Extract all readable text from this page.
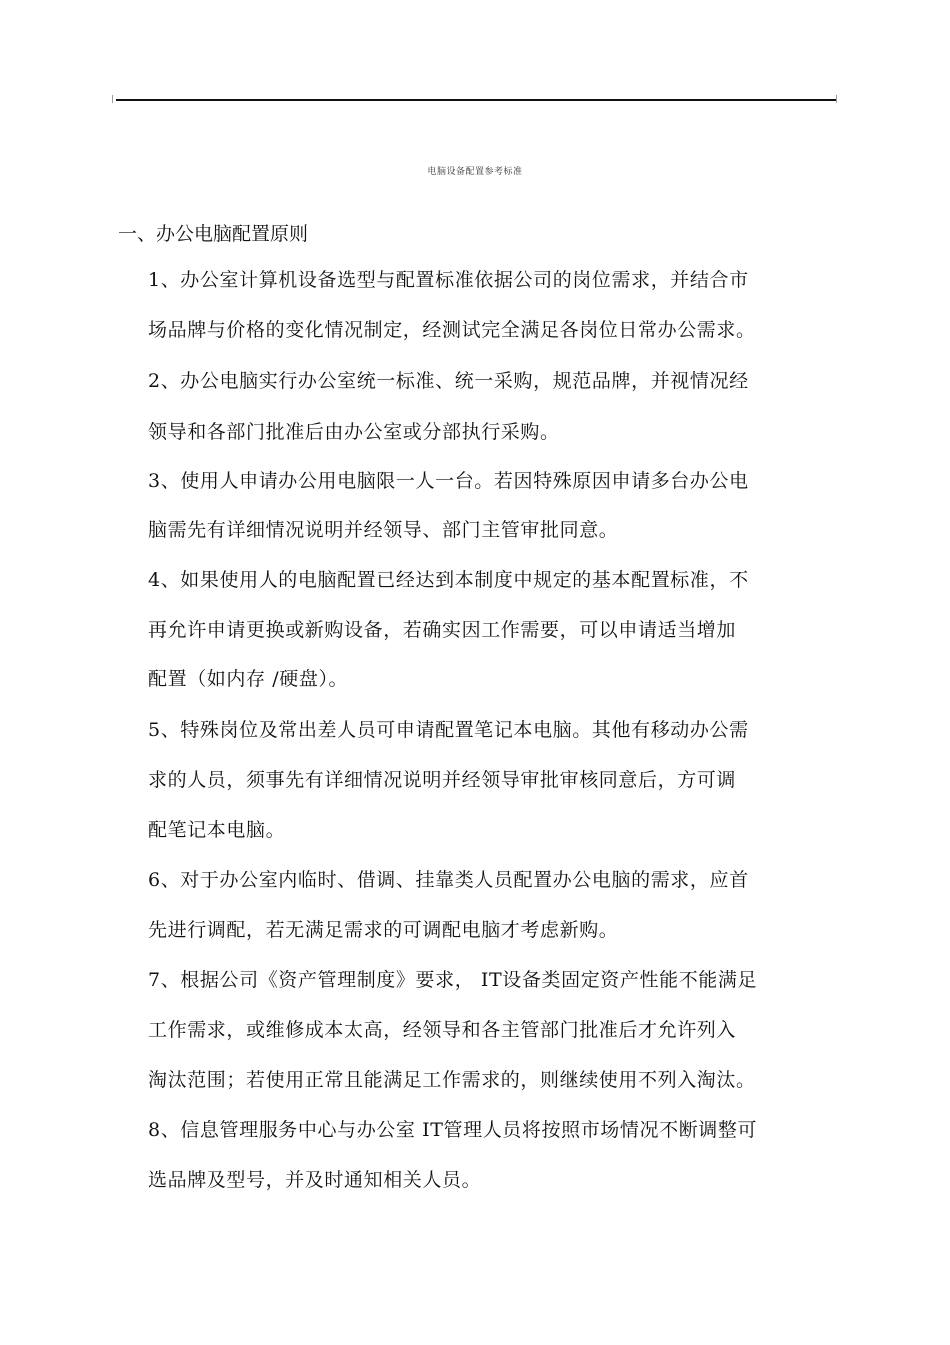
电脑设备配置参考标准
一、办公电脑配置原则
1、办公室计算机设备选型与配置标准依据公司的岗位需求，并结合市
场品牌与价格的变化情况制定，经测试完全满足各岗位日常办公需求。
2、办公电脑实行办公室统一标准、统一采购，规范品牌，并视情况经
领导和各部门批准后由办公室或分部执行采购。
3、使用人申请办公用电脑限一人一台。若因特殊原因申请多台办公电
脑需先有详细情况说明并经领导、部门主管审批同意。
4、如果使用人的电脑配置已经达到本制度中规定的基本配置标准，不
再允许申请更换或新购设备，若确实因工作需要，可以申请适当增加
配置（如内存 /硬盘）。
5、特殊岗位及常出差人员可申请配置笔记本电脑。其他有移动办公需
求的人员，须事先有详细情况说明并经领导审批审核同意后，方可调
配笔记本电脑。
6、对于办公室内临时、借调、挂靠类人员配置办公电脑的需求，应首
先进行调配，若无满足需求的可调配电脑才考虑新购。
7、根据公司《资产管理制度》要求， IT设备类固定资产性能不能满足
工作需求，或维修成本太高，经领导和各主管部门批准后才允许列入
淘汰范围；若使用正常且能满足工作需求的，则继续使用不列入淘汰。
8、信息管理服务中心与办公室 IT管理人员将按照市场情况不断调整可
选品牌及型号，并及时通知相关人员。
